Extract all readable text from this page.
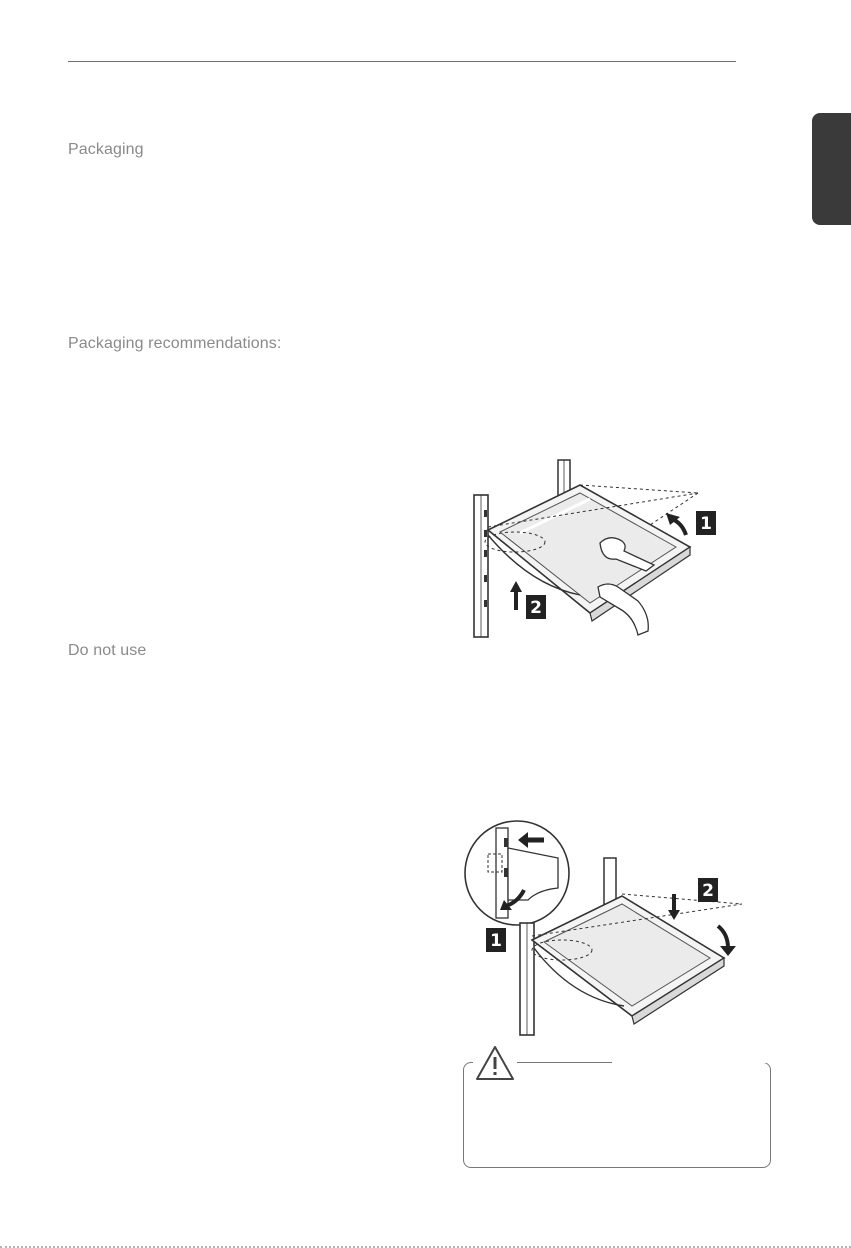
Packaging
Packaging recommendations:
Do not use
1
2
1
2
